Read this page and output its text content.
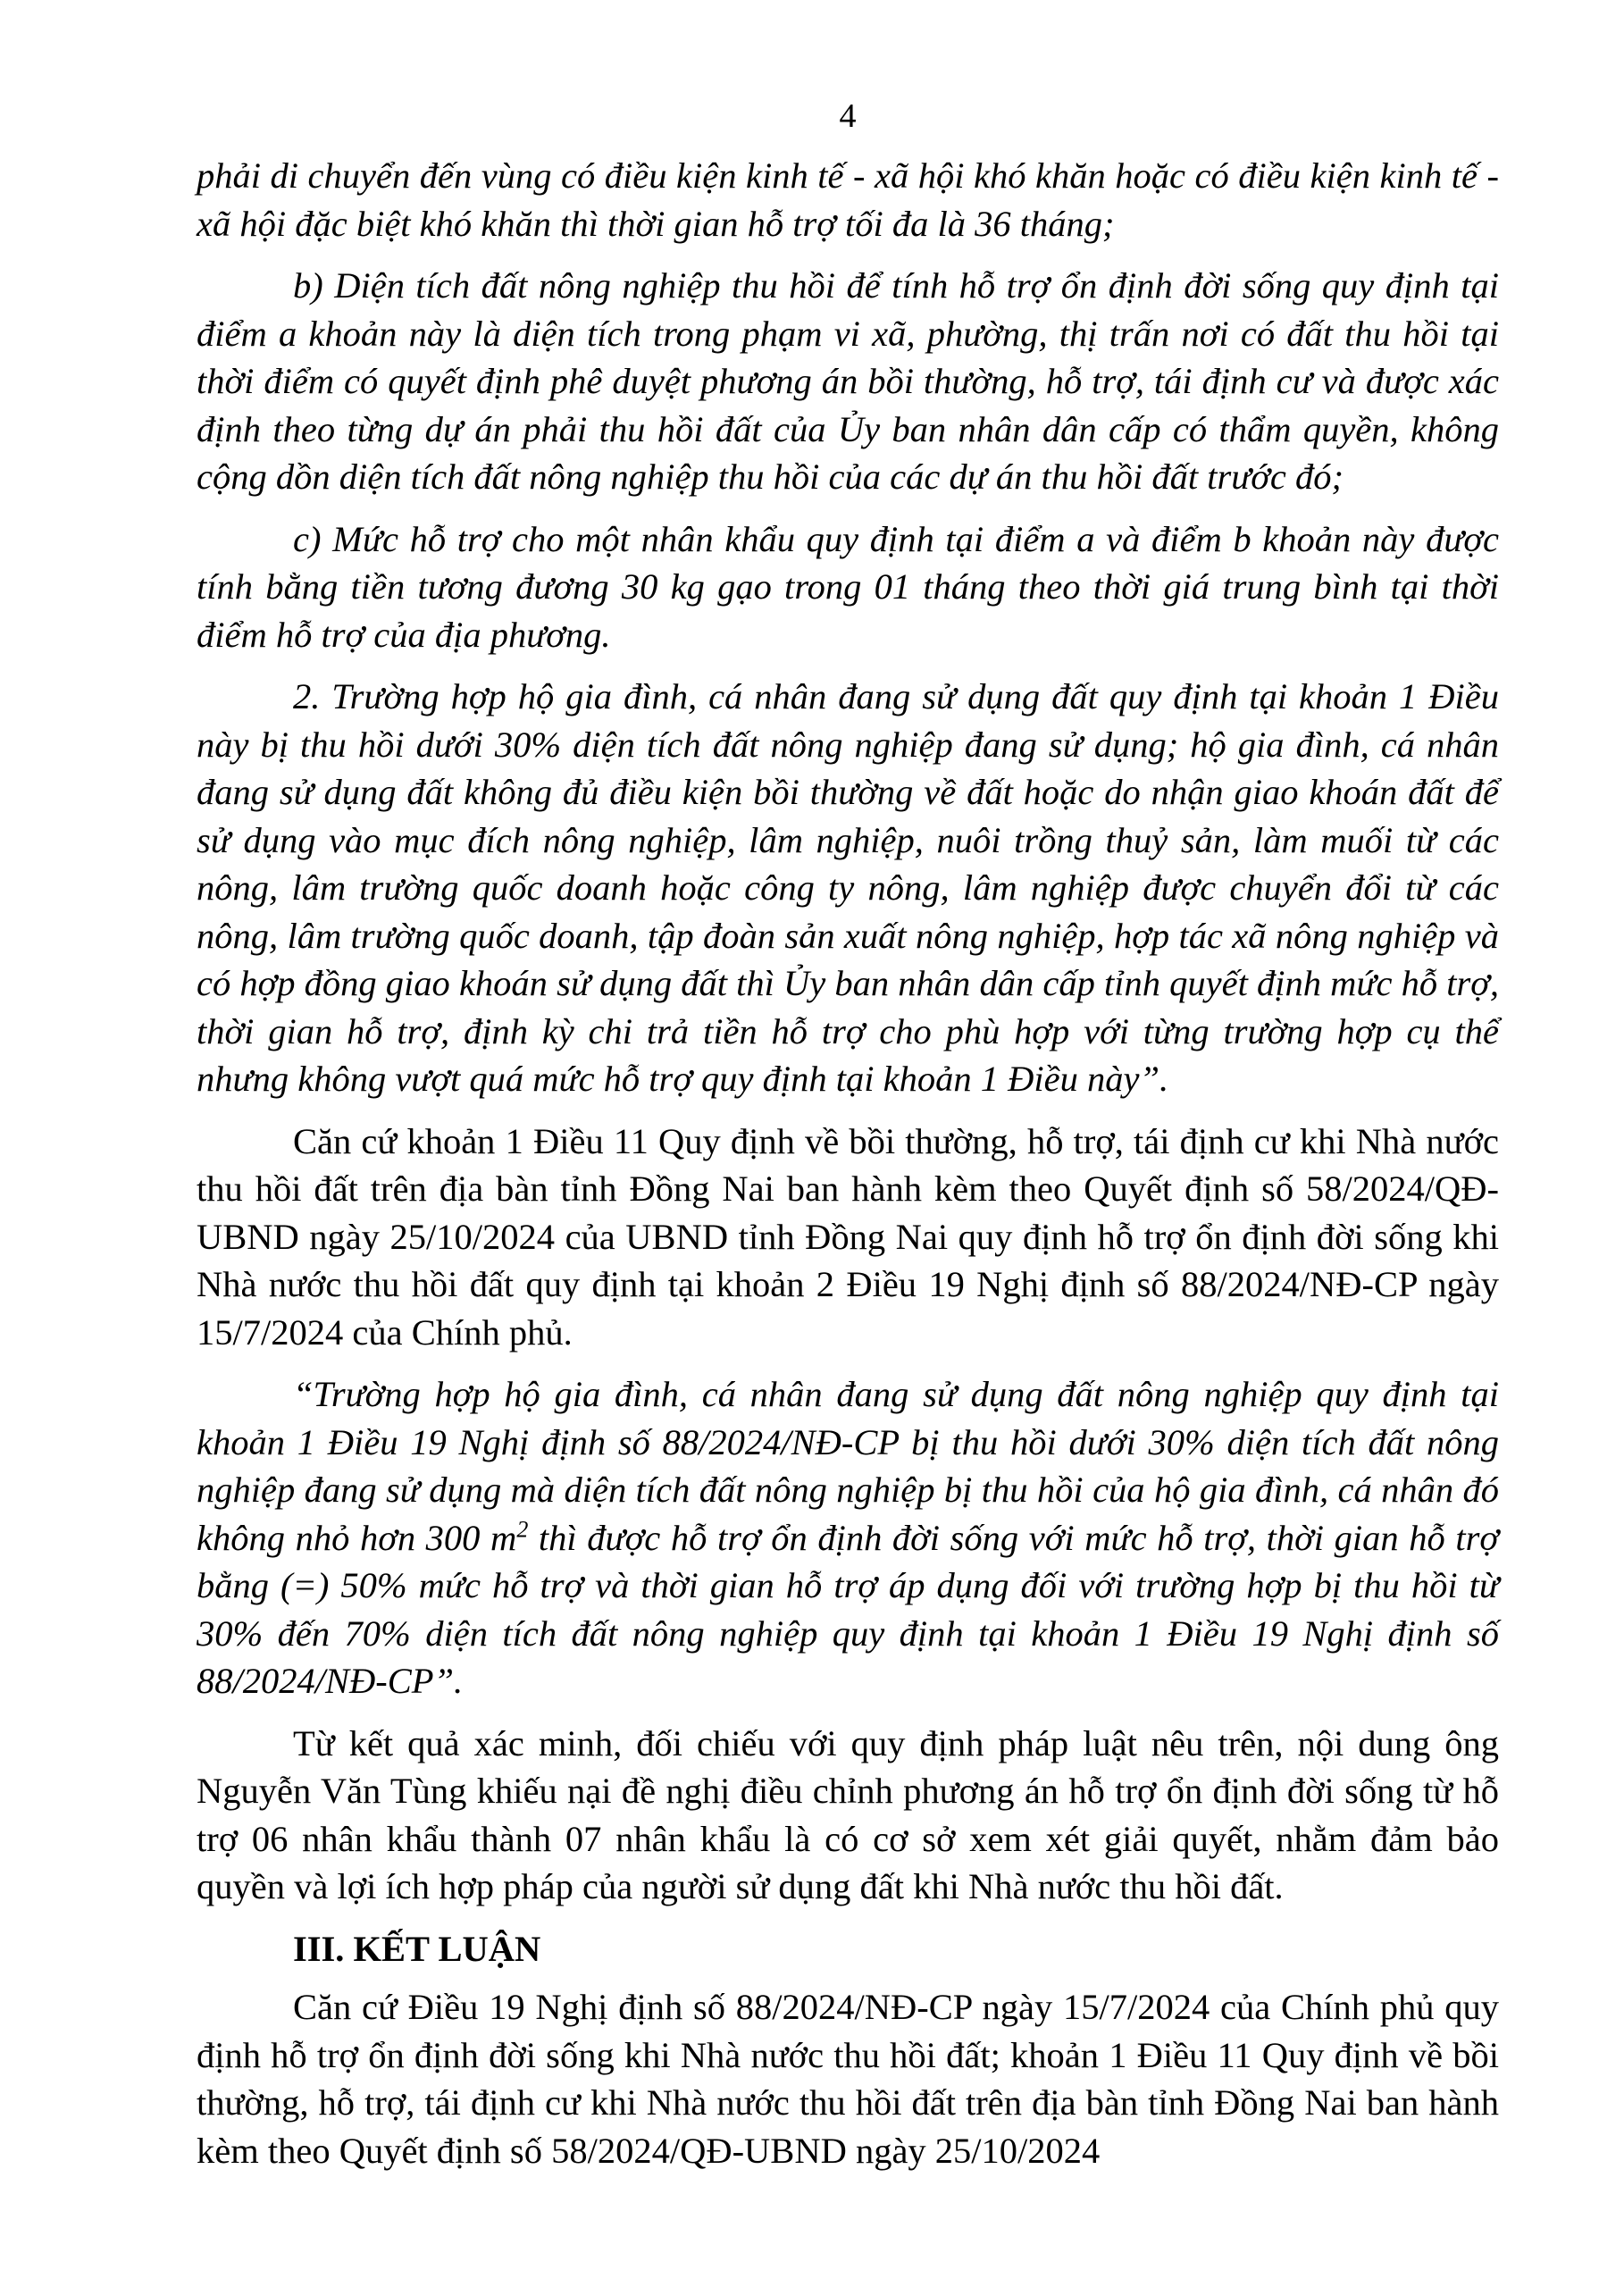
4

phải di chuyển đến vùng có điều kiện kinh tế - xã hội khó khăn hoặc có điều kiện kinh tế - xã hội đặc biệt khó khăn thì thời gian hỗ trợ tối đa là 36 tháng;

b) Diện tích đất nông nghiệp thu hồi để tính hỗ trợ ổn định đời sống quy định tại điểm a khoản này là diện tích trong phạm vi xã, phường, thị trấn nơi có đất thu hồi tại thời điểm có quyết định phê duyệt phương án bồi thường, hỗ trợ, tái định cư và được xác định theo từng dự án phải thu hồi đất của Ủy ban nhân dân cấp có thẩm quyền, không cộng dồn diện tích đất nông nghiệp thu hồi của các dự án thu hồi đất trước đó;

c) Mức hỗ trợ cho một nhân khẩu quy định tại điểm a và điểm b khoản này được tính bằng tiền tương đương 30 kg gạo trong 01 tháng theo thời giá trung bình tại thời điểm hỗ trợ của địa phương.

2. Trường hợp hộ gia đình, cá nhân đang sử dụng đất quy định tại khoản 1 Điều này bị thu hồi dưới 30% diện tích đất nông nghiệp đang sử dụng; hộ gia đình, cá nhân đang sử dụng đất không đủ điều kiện bồi thường về đất hoặc do nhận giao khoán đất để sử dụng vào mục đích nông nghiệp, lâm nghiệp, nuôi trồng thuỷ sản, làm muối từ các nông, lâm trường quốc doanh hoặc công ty nông, lâm nghiệp được chuyển đổi từ các nông, lâm trường quốc doanh, tập đoàn sản xuất nông nghiệp, hợp tác xã nông nghiệp và có hợp đồng giao khoán sử dụng đất thì Ủy ban nhân dân cấp tỉnh quyết định mức hỗ trợ, thời gian hỗ trợ, định kỳ chi trả tiền hỗ trợ cho phù hợp với từng trường hợp cụ thể nhưng không vượt quá mức hỗ trợ quy định tại khoản 1 Điều này”.

Căn cứ khoản 1 Điều 11 Quy định về bồi thường, hỗ trợ, tái định cư khi Nhà nước thu hồi đất trên địa bàn tỉnh Đồng Nai ban hành kèm theo Quyết định số 58/2024/QĐ-UBND ngày 25/10/2024 của UBND tỉnh Đồng Nai quy định hỗ trợ ổn định đời sống khi Nhà nước thu hồi đất quy định tại khoản 2 Điều 19 Nghị định số 88/2024/NĐ-CP ngày 15/7/2024 của Chính phủ.

“Trường hợp hộ gia đình, cá nhân đang sử dụng đất nông nghiệp quy định tại khoản 1 Điều 19 Nghị định số 88/2024/NĐ-CP bị thu hồi dưới 30% diện tích đất nông nghiệp đang sử dụng mà diện tích đất nông nghiệp bị thu hồi của hộ gia đình, cá nhân đó không nhỏ hơn 300 $m^2$ thì được hỗ trợ ổn định đời sống với mức hỗ trợ, thời gian hỗ trợ bằng (=) 50% mức hỗ trợ và thời gian hỗ trợ áp dụng đối với trường hợp bị thu hồi từ 30% đến 70% diện tích đất nông nghiệp quy định tại khoản 1 Điều 19 Nghị định số 88/2024/NĐ-CP”.

Từ kết quả xác minh, đối chiếu với quy định pháp luật nêu trên, nội dung ông Nguyễn Văn Tùng khiếu nại đề nghị điều chỉnh phương án hỗ trợ ổn định đời sống từ hỗ trợ 06 nhân khẩu thành 07 nhân khẩu là có cơ sở xem xét giải quyết, nhằm đảm bảo quyền và lợi ích hợp pháp của người sử dụng đất khi Nhà nước thu hồi đất.

III. KẾT LUẬN

Căn cứ Điều 19 Nghị định số 88/2024/NĐ-CP ngày 15/7/2024 của Chính phủ quy định hỗ trợ ổn định đời sống khi Nhà nước thu hồi đất; khoản 1 Điều 11 Quy định về bồi thường, hỗ trợ, tái định cư khi Nhà nước thu hồi đất trên địa bàn tỉnh Đồng Nai ban hành kèm theo Quyết định số 58/2024/QĐ-UBND ngày 25/10/2024
